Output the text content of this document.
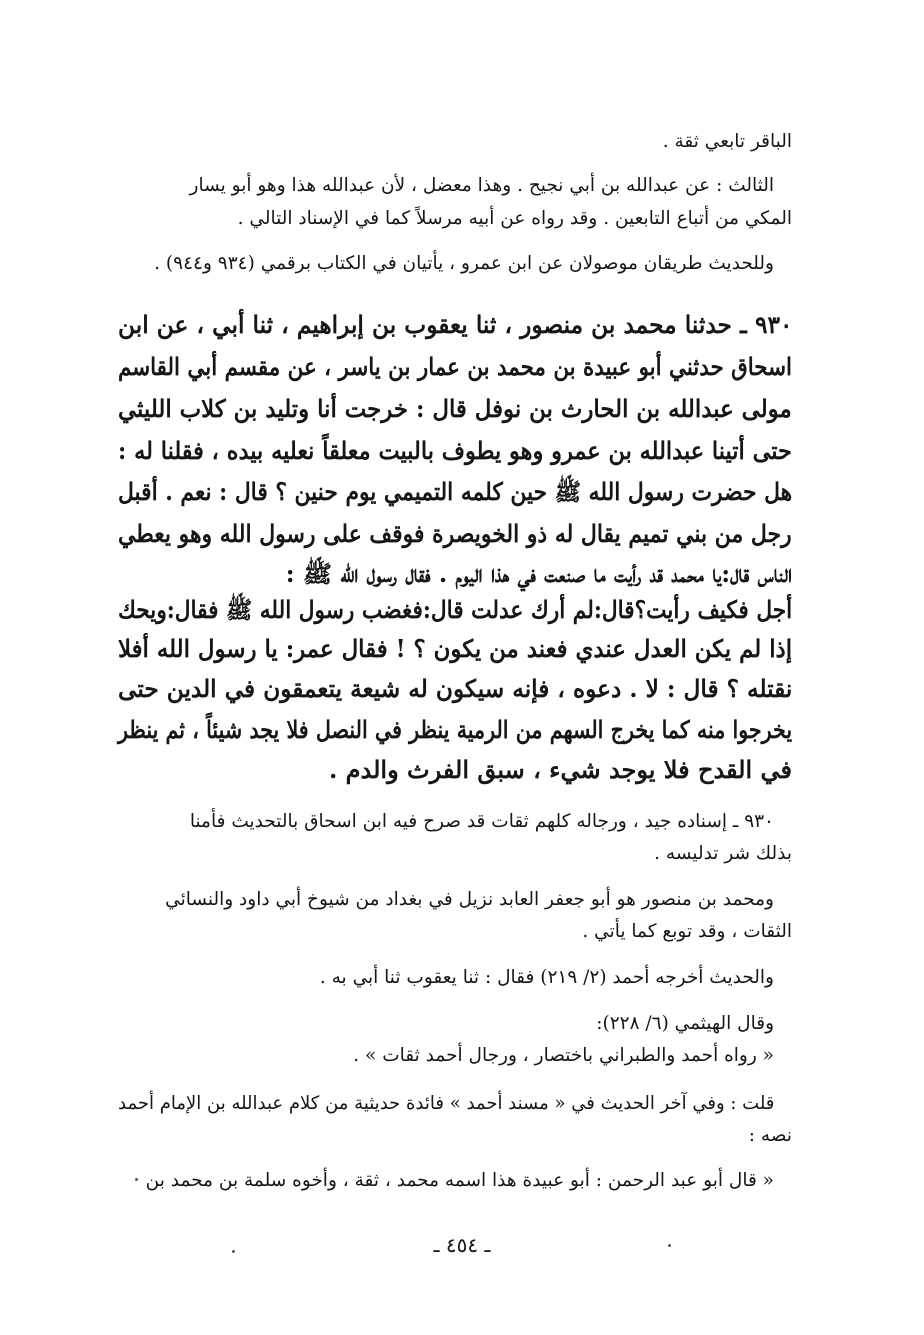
الباقر تابعي ثقة .
الثالث : عن عبدالله بن أبي نجيح . وهذا معضل ، لأن عبدالله هذا وهو أبو يسار
المكي من أتباع التابعين . وقد رواه عن أبيه مرسلاً كما في الإسناد التالي .
وللحديث طريقان موصولان عن ابن عمرو ، يأتيان في الكتاب برقمي (٩٣٤ و٩٤٤) .
٩٣٠ ـ حدثنا محمد بن منصور ، ثنا يعقوب بن إبراهيم ، ثنا أبي ، عن ابن
اسحاق حدثني أبو عبيدة بن محمد بن عمار بن ياسر ، عن مقسم أبي القاسم
مولى عبدالله بن الحارث بن نوفل قال : خرجت أنا وتليد بن كلاب الليثي
حتى أتينا عبدالله بن عمرو وهو يطوف بالبيت معلقاً نعليه بيده ، فقلنا له :
هل حضرت رسول الله ﷺ حين كلمه التميمي يوم حنين ؟ قال : نعم . أقبل
رجل من بني تميم يقال له ذو الخويصرة فوقف على رسول الله وهو يعطي
الناس قال:يا محمد قد رأيت ما صنعت في هذا اليوم . فقال رسول الله ﷺ :
أجل فكيف رأيت؟قال:لم أرك عدلت قال:فغضب رسول الله ﷺ فقال:ويحك
إذا لم يكن العدل عندي فعند من يكون ؟ ! فقال عمر: يا رسول الله أفلا
نقتله ؟ قال : لا . دعوه ، فإنه سيكون له شيعة يتعمقون في الدين حتى
يخرجوا منه كما يخرج السهم من الرمية ينظر في النصل فلا يجد شيئاً ، ثم ينظر
في القدح فلا يوجد شيء ، سبق الفرث والدم .
٩٣٠ ـ إسناده جيد ، ورجاله كلهم ثقات قد صرح فيه ابن اسحاق بالتحديث فأمنا
بذلك شر تدليسه .
ومحمد بن منصور هو أبو جعفر العابد نزيل في بغداد من شيوخ أبي داود والنسائي
الثقات ، وقد توبع كما يأتي .
والحديث أخرجه أحمد (٢/ ٢١٩) فقال : ثنا يعقوب ثنا أبي به .
وقال الهيثمي (٦/ ٢٢٨):
« رواه أحمد والطبراني باختصار ، ورجال أحمد ثقات » .
قلت : وفي آخر الحديث في « مسند أحمد » فائدة حديثية من كلام عبدالله بن الإمام أحمد
نصه :
« قال أبو عبد الرحمن : أبو عبيدة هذا اسمه محمد ، ثقة ، وأخوه سلمة بن محمد بن
ـ ٤٥٤ ـ
